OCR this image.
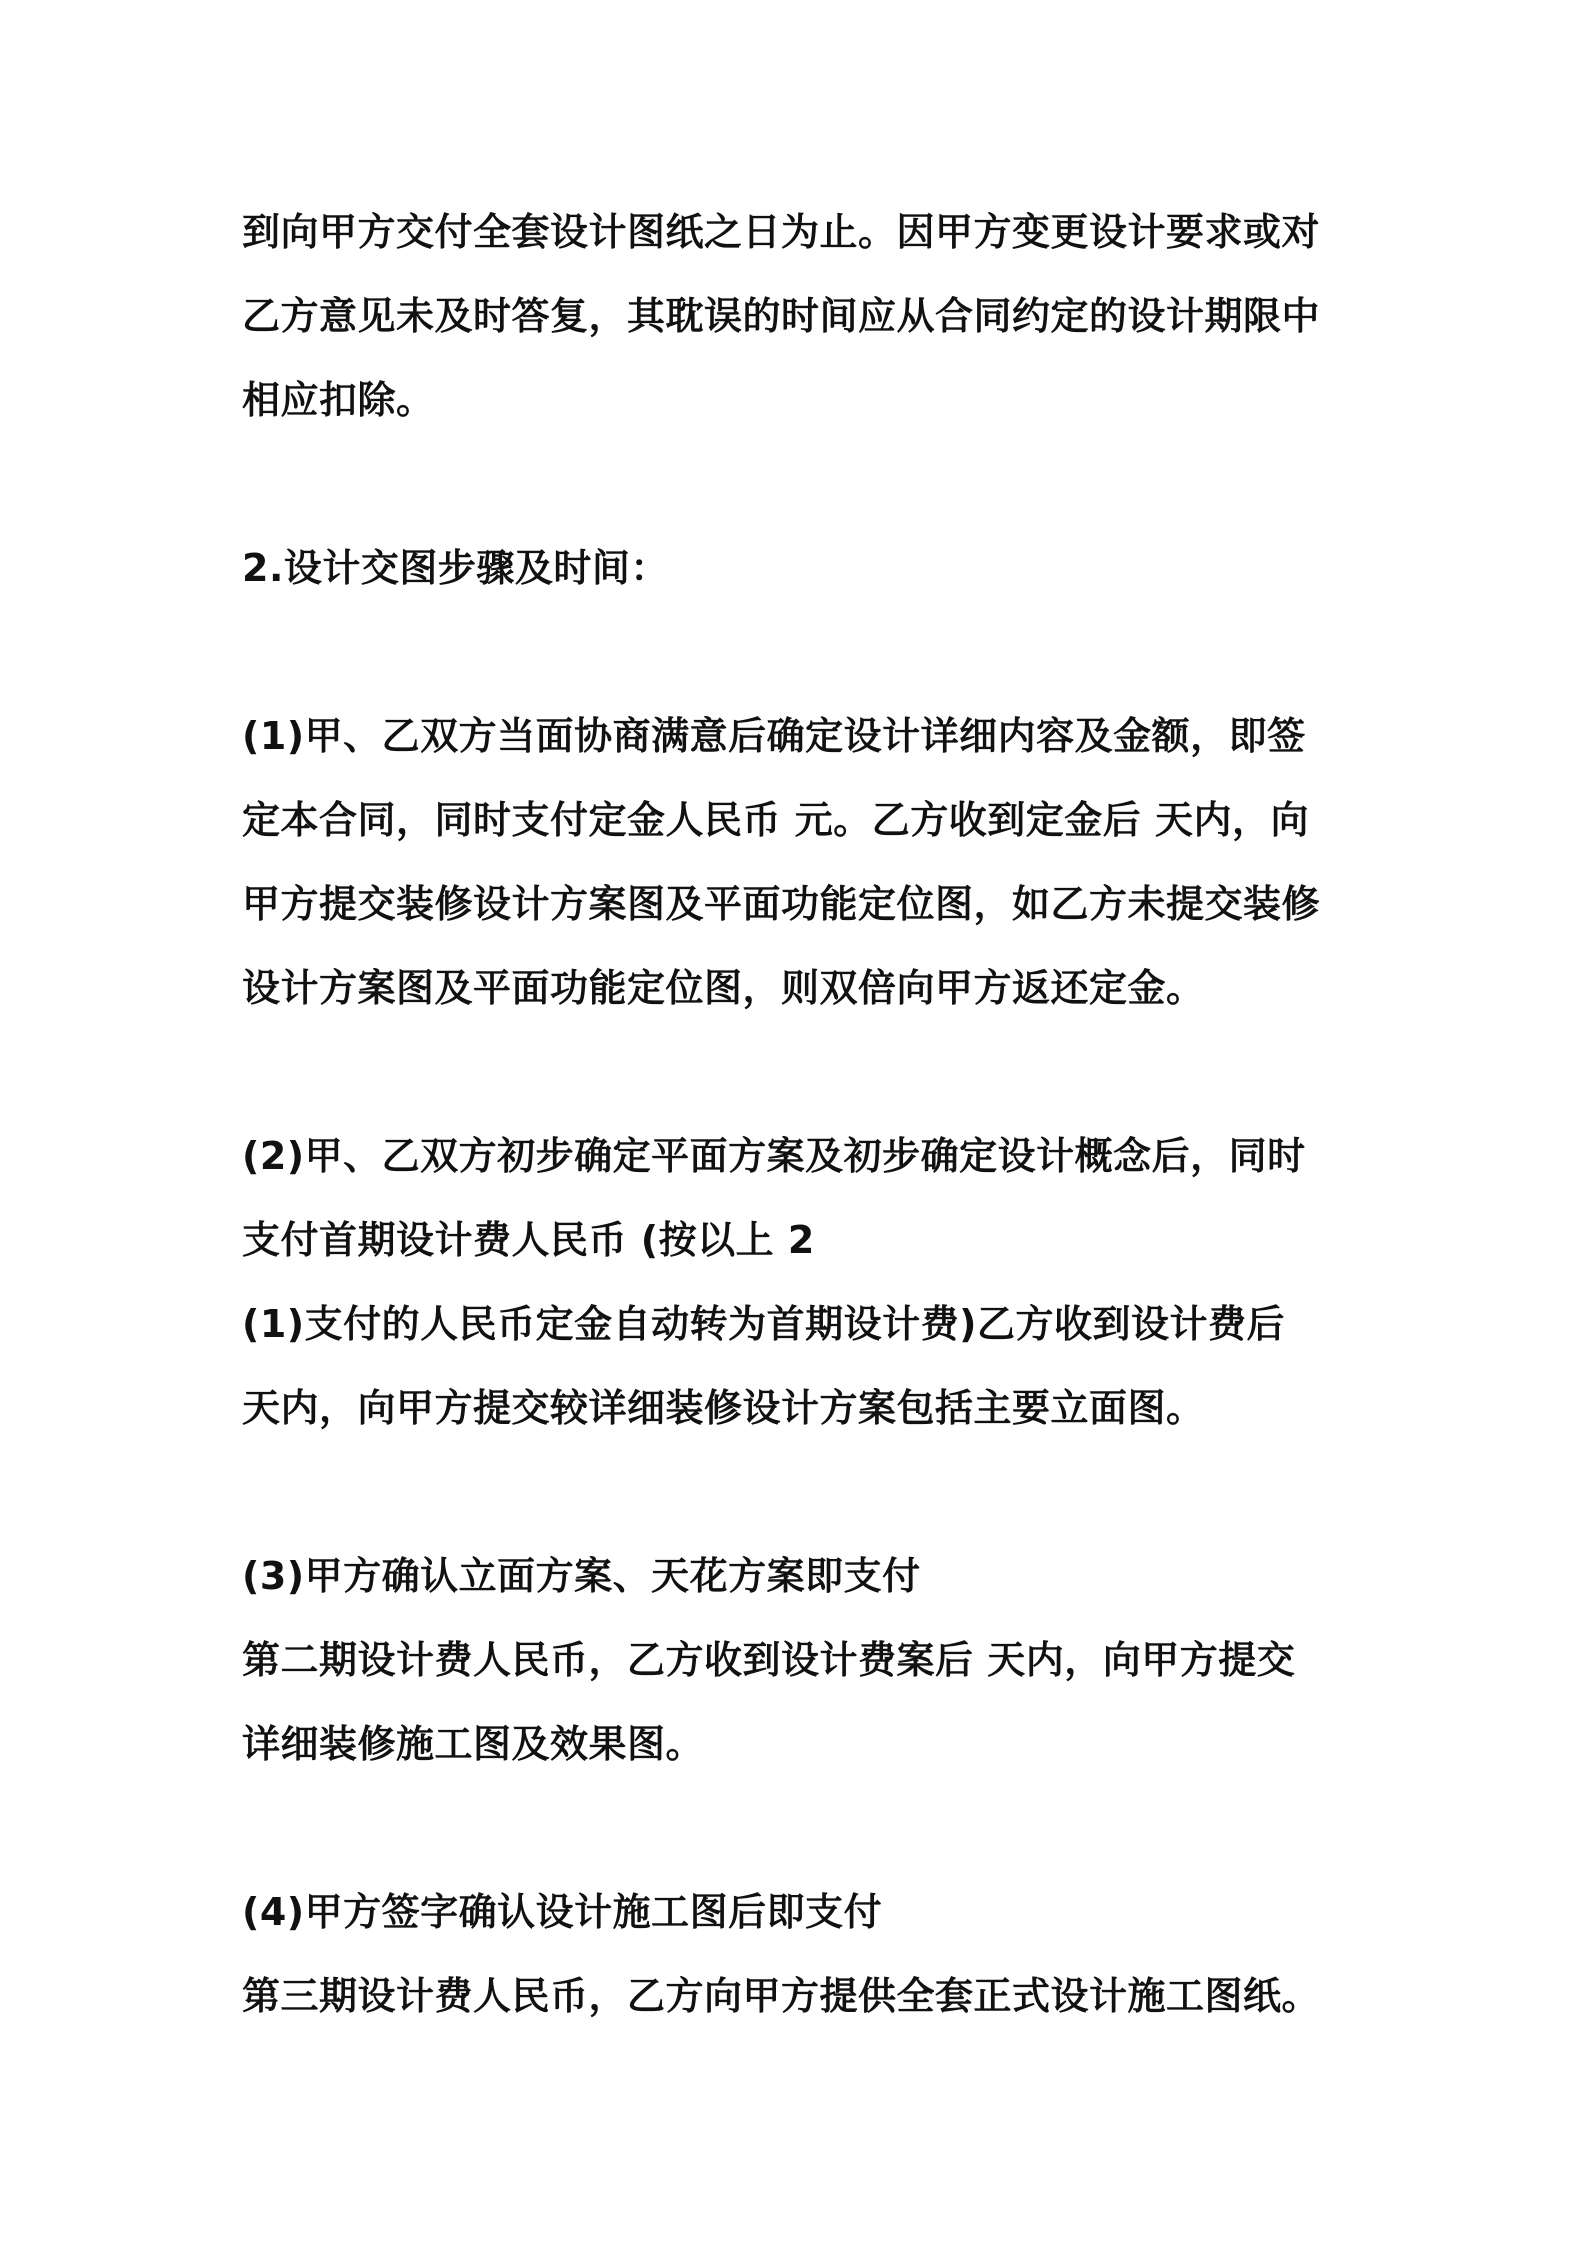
到向甲方交付全套设计图纸之日为止。因甲方变更设计要求或对
乙方意见未及时答复，其耽误的时间应从合同约定的设计期限中
相应扣除。

2.设计交图步骤及时间：

(1)甲、乙双方当面协商满意后确定设计详细内容及金额，即签
定本合同，同时支付定金人民币 元。乙方收到定金后 天内，向
甲方提交装修设计方案图及平面功能定位图，如乙方未提交装修
设计方案图及平面功能定位图，则双倍向甲方返还定金。

(2)甲、乙双方初步确定平面方案及初步确定设计概念后，同时
支付首期设计费人民币 (按以上 2
(1)支付的人民币定金自动转为首期设计费)乙方收到设计费后
天内，向甲方提交较详细装修设计方案包括主要立面图。

(3)甲方确认立面方案、天花方案即支付
第二期设计费人民币，乙方收到设计费案后 天内，向甲方提交
详细装修施工图及效果图。

(4)甲方签字确认设计施工图后即支付
第三期设计费人民币，乙方向甲方提供全套正式设计施工图纸。
